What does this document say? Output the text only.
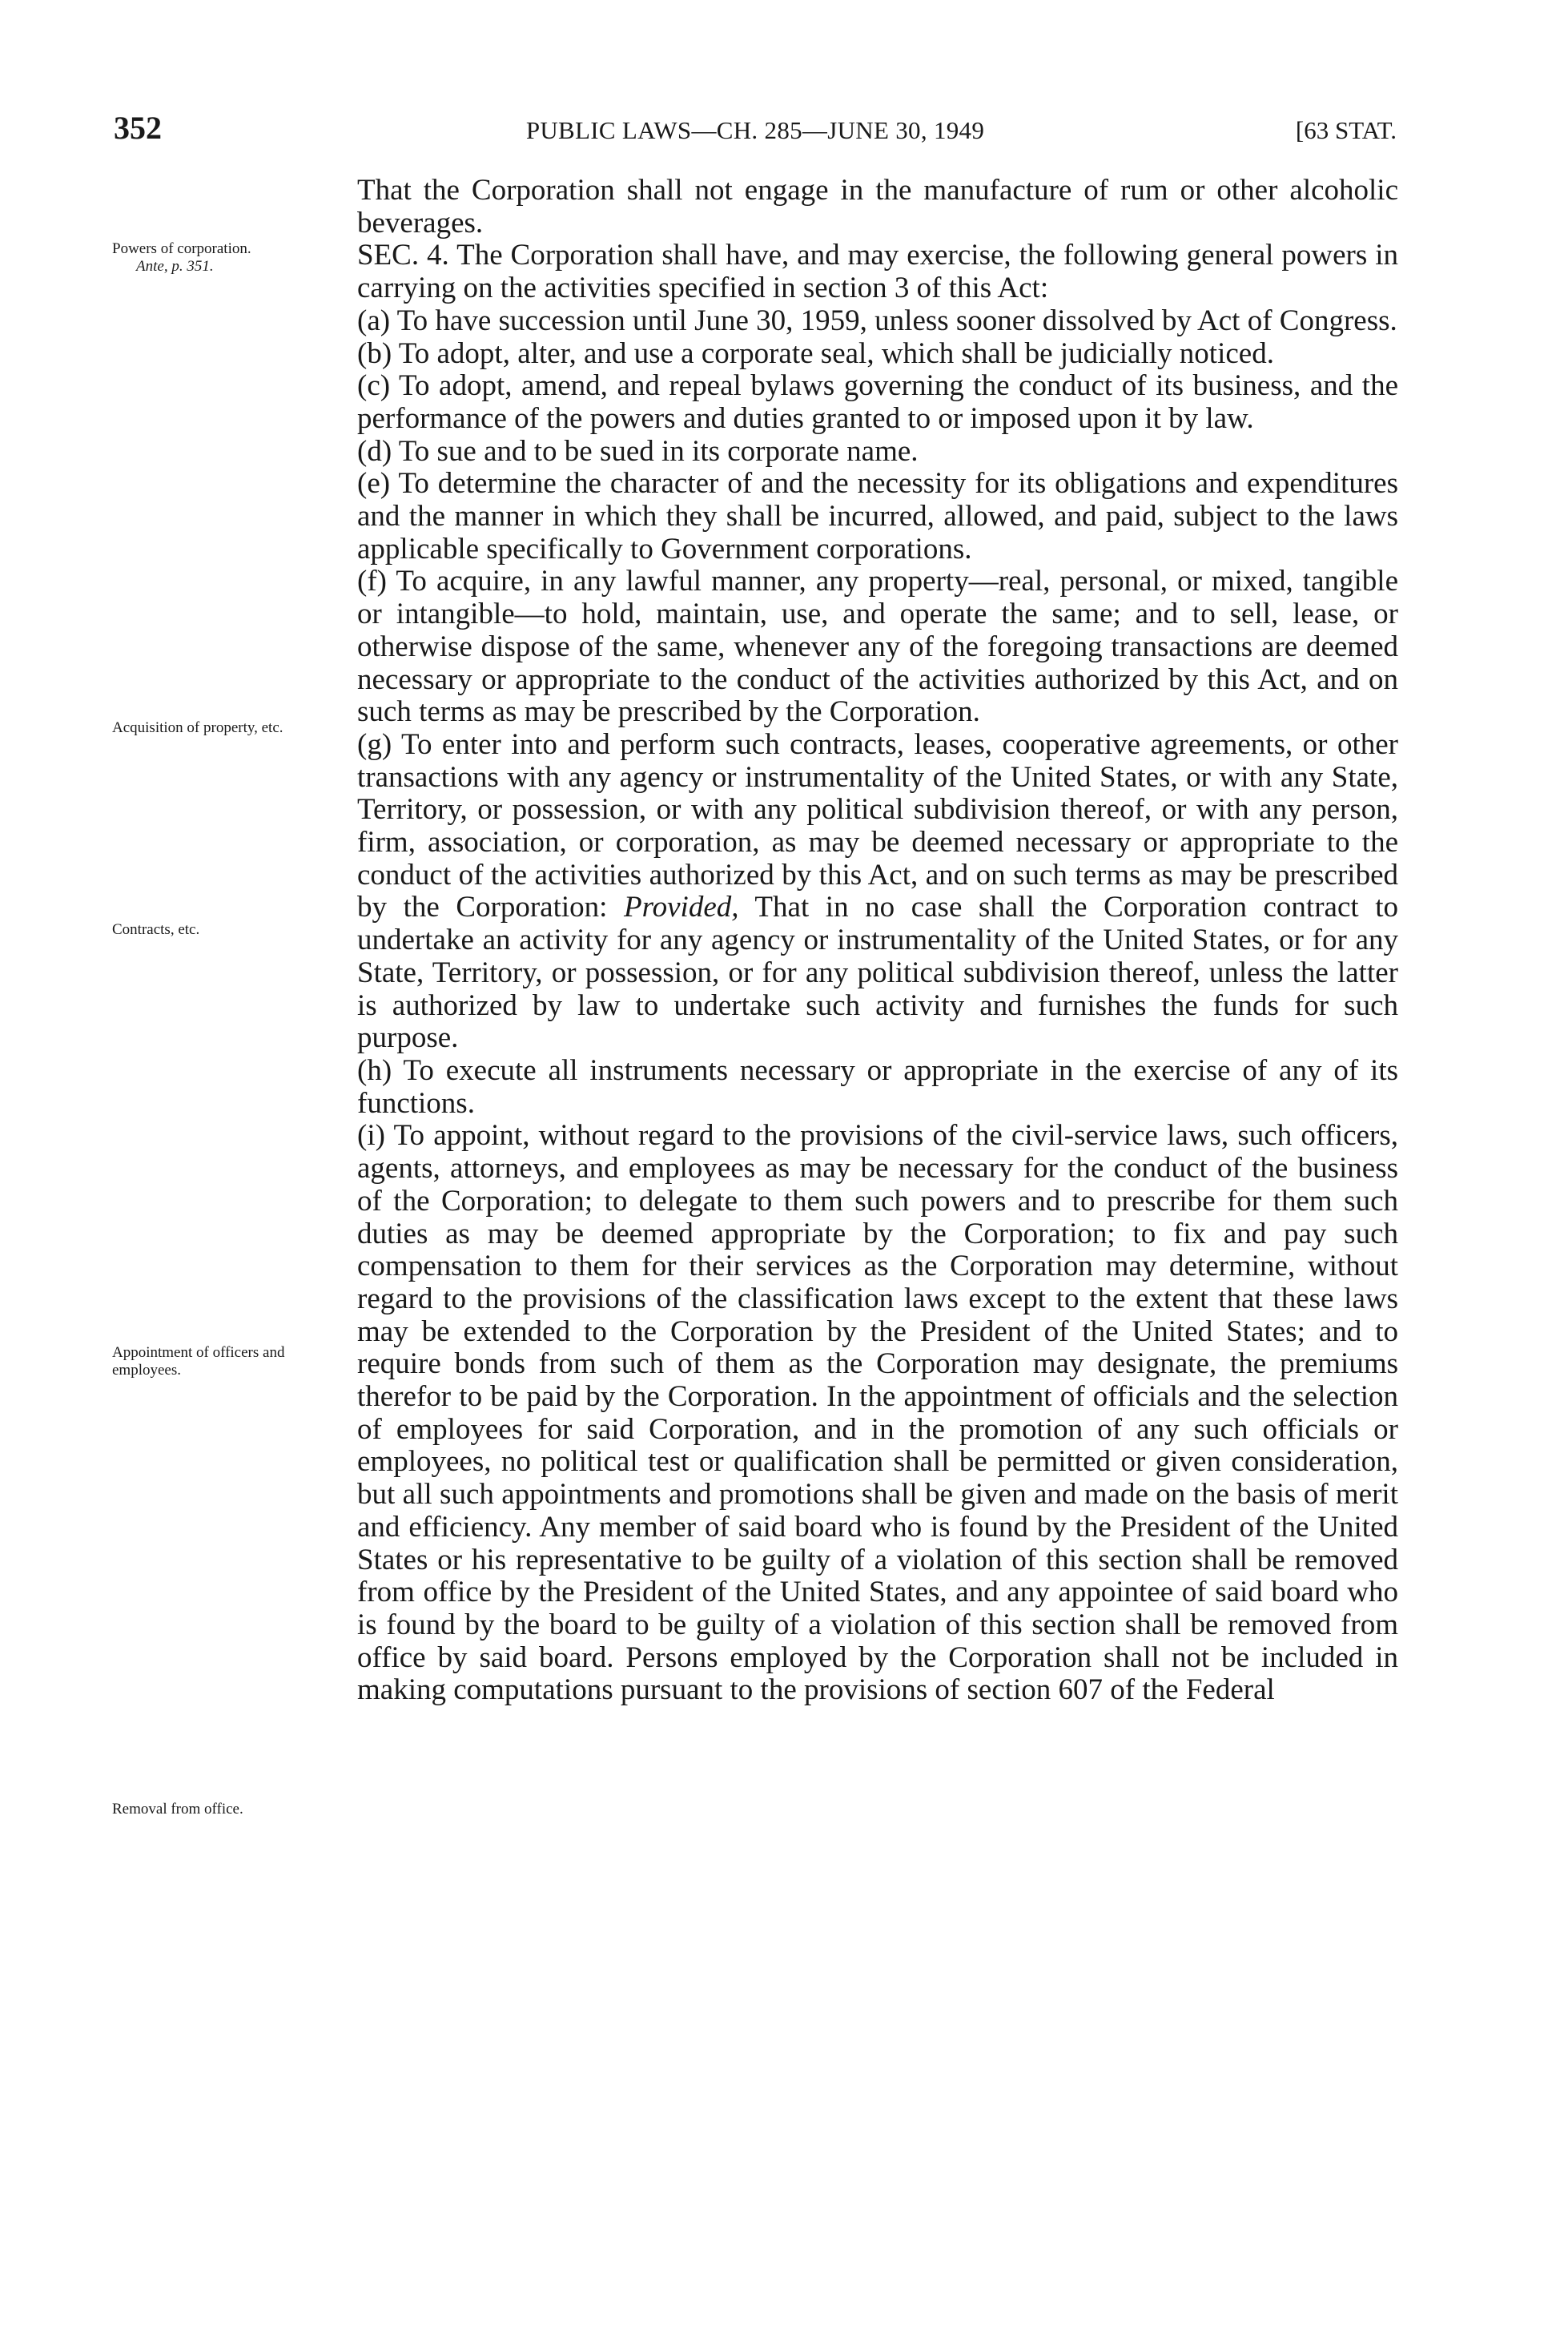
352	PUBLIC LAWS—CH. 285—JUNE 30, 1949	[63 STAT.
Powers of corporation.
Ante, p. 351.
Acquisition of property, etc.
Contracts, etc.
Appointment of officers and employees.
Removal from office.

That the Corporation shall not engage in the manufacture of rum or other alcoholic beverages.

SEC. 4. The Corporation shall have, and may exercise, the following general powers in carrying on the activities specified in section 3 of this Act:

(a) To have succession until June 30, 1959, unless sooner dissolved by Act of Congress.

(b) To adopt, alter, and use a corporate seal, which shall be judicially noticed.

(c) To adopt, amend, and repeal bylaws governing the conduct of its business, and the performance of the powers and duties granted to or imposed upon it by law.

(d) To sue and to be sued in its corporate name.

(e) To determine the character of and the necessity for its obligations and expenditures and the manner in which they shall be incurred, allowed, and paid, subject to the laws applicable specifically to Government corporations.

(f) To acquire, in any lawful manner, any property—real, personal, or mixed, tangible or intangible—to hold, maintain, use, and operate the same; and to sell, lease, or otherwise dispose of the same, whenever any of the foregoing transactions are deemed necessary or appropriate to the conduct of the activities authorized by this Act, and on such terms as may be prescribed by the Corporation.

(g) To enter into and perform such contracts, leases, cooperative agreements, or other transactions with any agency or instrumentality of the United States, or with any State, Territory, or possession, or with any political subdivision thereof, or with any person, firm, association, or corporation, as may be deemed necessary or appropriate to the conduct of the activities authorized by this Act, and on such terms as may be prescribed by the Corporation: Provided, That in no case shall the Corporation contract to undertake an activity for any agency or instrumentality of the United States, or for any State, Territory, or possession, or for any political subdivision thereof, unless the latter is authorized by law to undertake such activity and furnishes the funds for such purpose.

(h) To execute all instruments necessary or appropriate in the exercise of any of its functions.

(i) To appoint, without regard to the provisions of the civil-service laws, such officers, agents, attorneys, and employees as may be necessary for the conduct of the business of the Corporation; to delegate to them such powers and to prescribe for them such duties as may be deemed appropriate by the Corporation; to fix and pay such compensation to them for their services as the Corporation may determine, without regard to the provisions of the classification laws except to the extent that these laws may be extended to the Corporation by the President of the United States; and to require bonds from such of them as the Corporation may designate, the premiums therefor to be paid by the Corporation. In the appointment of officials and the selection of employees for said Corporation, and in the promotion of any such officials or employees, no political test or qualification shall be permitted or given consideration, but all such appointments and promotions shall be given and made on the basis of merit and efficiency. Any member of said board who is found by the President of the United States or his representative to be guilty of a violation of this section shall be removed from office by the President of the United States, and any appointee of said board who is found by the board to be guilty of a violation of this section shall be removed from office by said board. Persons employed by the Corporation shall not be included in making computations pursuant to the provisions of section 607 of the Federal
